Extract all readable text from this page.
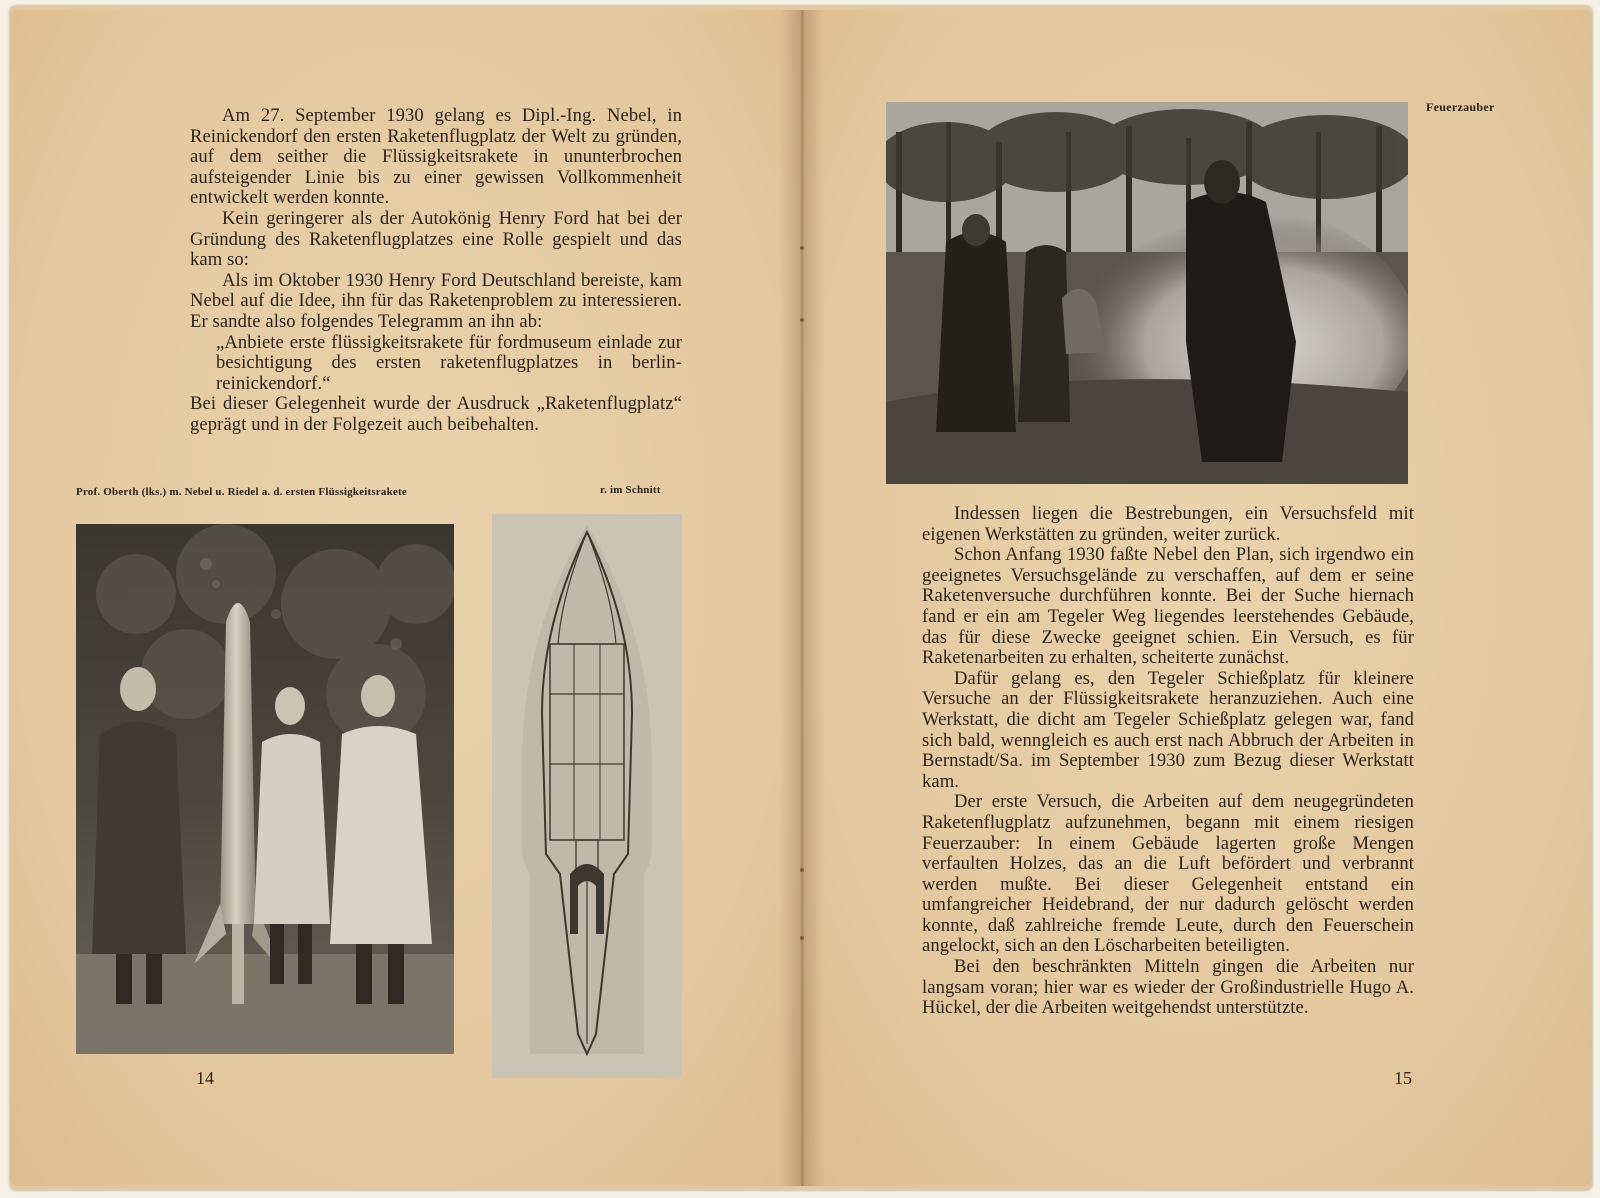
Am 27. September 1930 gelang es Dipl.-Ing. Nebel, in Reinickendorf den ersten Raketenflugplatz der Welt zu gründen, auf dem seither die Flüssigkeitsrakete in ununterbrochen aufsteigender Linie bis zu einer gewissen Vollkommenheit entwickelt werden konnte.

Kein geringerer als der Autokönig Henry Ford hat bei der Gründung des Raketenflugplatzes eine Rolle gespielt und das kam so:

Als im Oktober 1930 Henry Ford Deutschland bereiste, kam Nebel auf die Idee, ihn für das Raketenproblem zu interessieren. Er sandte also folgendes Telegramm an ihn ab:

„Anbiete erste flüssigkeitsrakete für fordmuseum einlade zur besichtigung des ersten raketenflugplatzes in berlin-reinickendorf.“

Bei dieser Gelegenheit wurde der Ausdruck „Raketenflugplatz“ geprägt und in der Folgezeit auch beibehalten.

Prof. Oberth (lks.) m. Nebel u. Riedel a. d. ersten Flüssigkeitsrakete	r. im Schnitt
14
Feuerzauber

Indessen liegen die Bestrebungen, ein Versuchsfeld mit eigenen Werkstätten zu gründen, weiter zurück.

Schon Anfang 1930 faßte Nebel den Plan, sich irgendwo ein geeignetes Versuchsgelände zu verschaffen, auf dem er seine Raketenversuche durchführen konnte. Bei der Suche hiernach fand er ein am Tegeler Weg liegendes leerstehendes Gebäude, das für diese Zwecke geeignet schien. Ein Versuch, es für Raketenarbeiten zu erhalten, scheiterte zunächst.

Dafür gelang es, den Tegeler Schießplatz für kleinere Versuche an der Flüssigkeitsrakete heranzuziehen. Auch eine Werkstatt, die dicht am Tegeler Schießplatz gelegen war, fand sich bald, wenngleich es auch erst nach Abbruch der Arbeiten in Bernstadt/Sa. im September 1930 zum Bezug dieser Werkstatt kam.

Der erste Versuch, die Arbeiten auf dem neugegründeten Raketenflugplatz aufzunehmen, begann mit einem riesigen Feuerzauber: In einem Gebäude lagerten große Mengen verfaulten Holzes, das an die Luft befördert und verbrannt werden mußte. Bei dieser Gelegenheit entstand ein umfangreicher Heidebrand, der nur dadurch gelöscht werden konnte, daß zahlreiche fremde Leute, durch den Feuerschein angelockt, sich an den Löscharbeiten beteiligten.

Bei den beschränkten Mitteln gingen die Arbeiten nur langsam voran; hier war es wieder der Großindustrielle Hugo A. Hückel, der die Arbeiten weitgehendst unterstützte.

15
